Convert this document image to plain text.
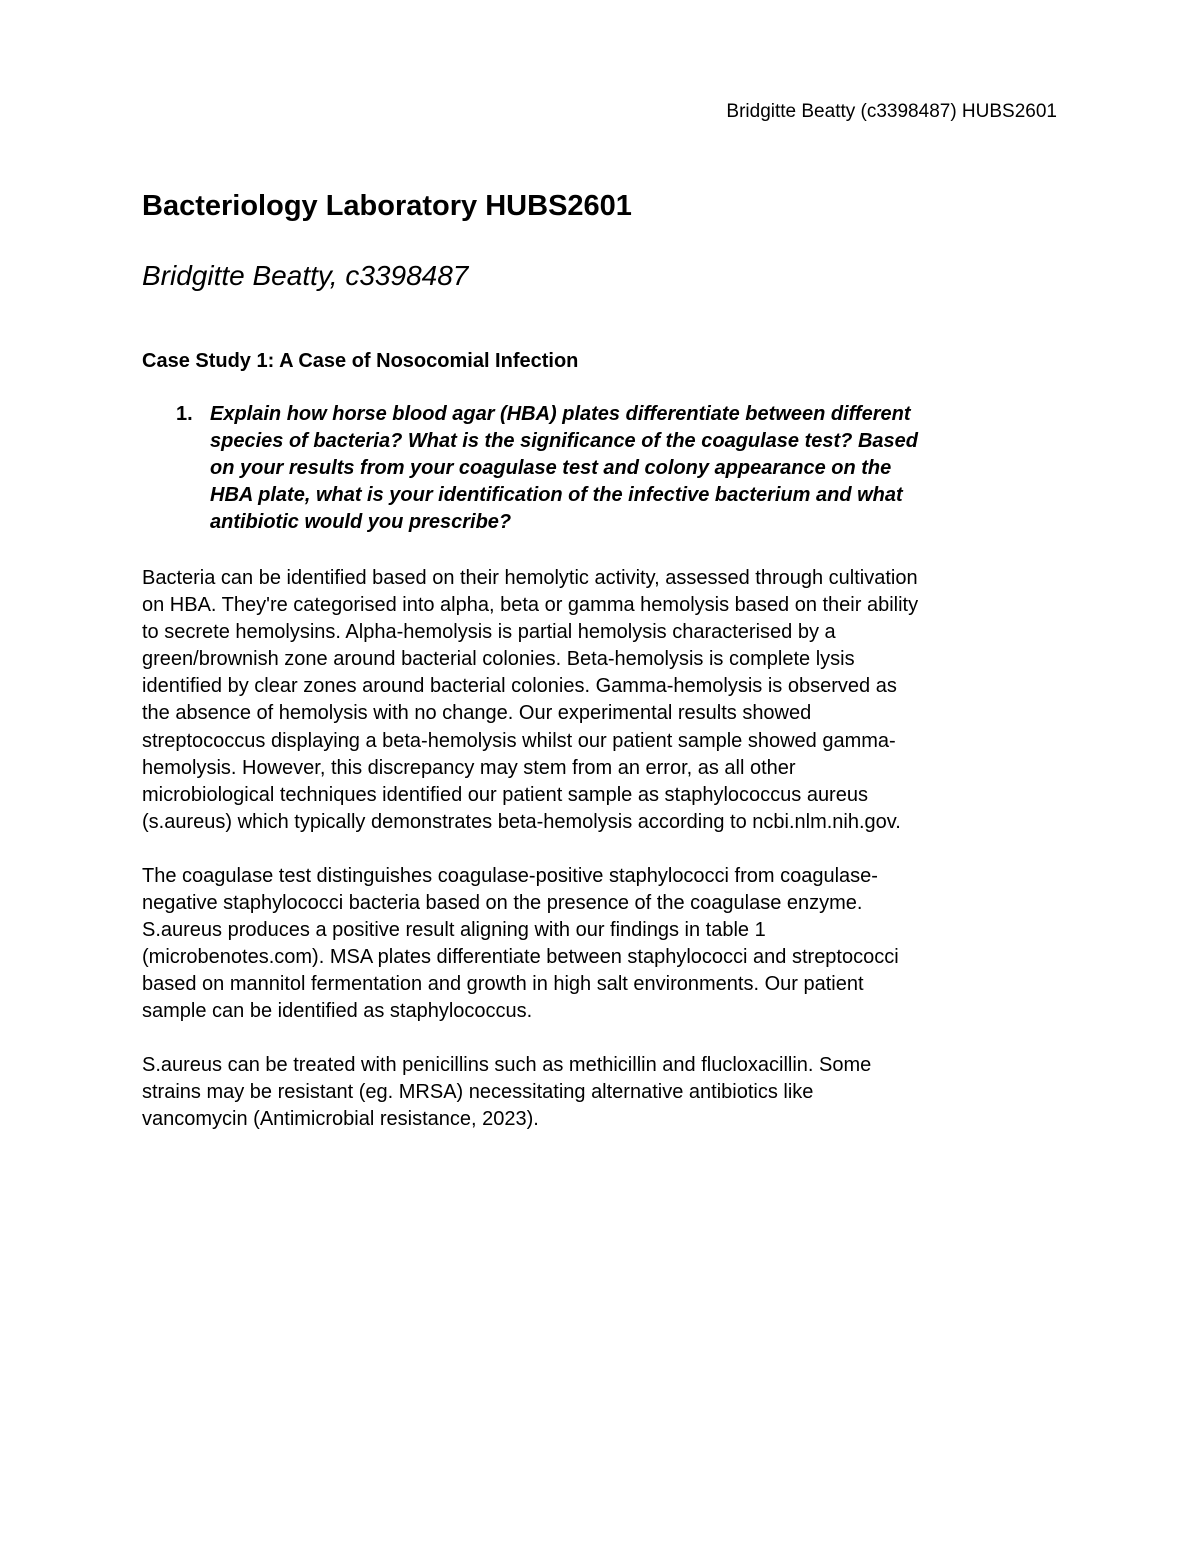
Bridgitte Beatty (c3398487) HUBS2601
Bacteriology Laboratory HUBS2601
Bridgitte Beatty, c3398487
Case Study 1: A Case of Nosocomial Infection
1. Explain how horse blood agar (HBA) plates differentiate between different
species of bacteria? What is the significance of the coagulase test? Based
on your results from your coagulase test and colony appearance on the
HBA plate, what is your identification of the infective bacterium and what
antibiotic would you prescribe?

Bacteria can be identified based on their hemolytic activity, assessed through cultivation
on HBA. They're categorised into alpha, beta or gamma hemolysis based on their ability
to secrete hemolysins. Alpha-hemolysis is partial hemolysis characterised by a
green/brownish zone around bacterial colonies. Beta-hemolysis is complete lysis
identified by clear zones around bacterial colonies. Gamma-hemolysis is observed as
the absence of hemolysis with no change. Our experimental results showed
streptococcus displaying a beta-hemolysis whilst our patient sample showed gamma-
hemolysis. However, this discrepancy may stem from an error, as all other
microbiological techniques identified our patient sample as staphylococcus aureus
(s.aureus) which typically demonstrates beta-hemolysis according to ncbi.nlm.nih.gov.

The coagulase test distinguishes coagulase-positive staphylococci from coagulase-
negative staphylococci bacteria based on the presence of the coagulase enzyme.
S.aureus produces a positive result aligning with our findings in table 1
(microbenotes.com). MSA plates differentiate between staphylococci and streptococci
based on mannitol fermentation and growth in high salt environments. Our patient
sample can be identified as staphylococcus.

S.aureus can be treated with penicillins such as methicillin and flucloxacillin. Some
strains may be resistant (eg. MRSA) necessitating alternative antibiotics like
vancomycin (Antimicrobial resistance, 2023).
